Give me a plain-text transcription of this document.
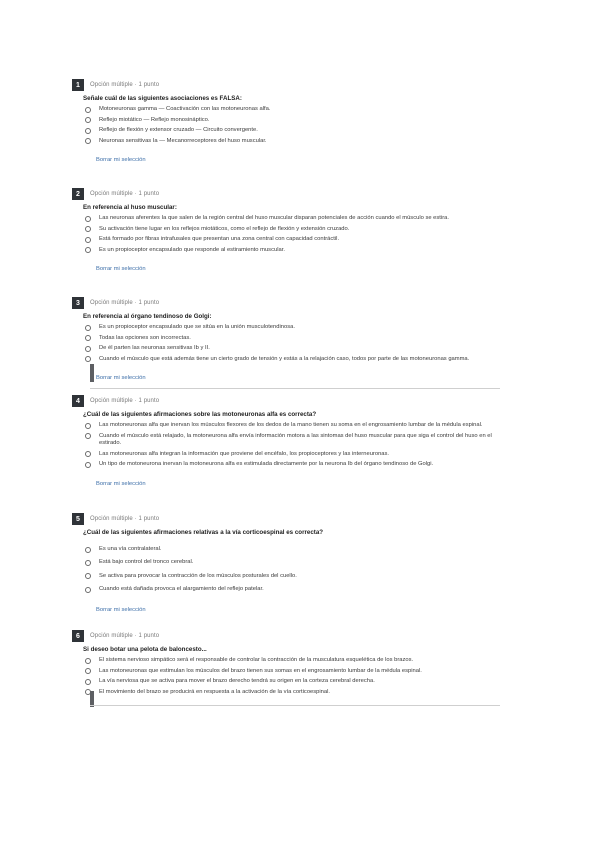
1	Opción múltiple · 1 punto
Señale cuál de las siguientes asociaciones es FALSA:
Motoneuronas gamma — Coactivación con las motoneuronas alfa.
Reflejo miotático — Reflejo monosináptico.
Reflejo de flexión y extensor cruzado — Circuito convergente.
Neuronas sensitivas Ia — Mecanorreceptores del huso muscular.
Borrar mi selección
2	Opción múltiple · 1 punto
En referencia al huso muscular:
Las neuronas aferentes Ia que salen de la región central del huso muscular disparan potenciales de acción cuando el músculo se estira.
Su activación tiene lugar en los reflejos miotáticos, como el reflejo de flexión y extensión cruzado.
Está formado por fibras intrafusales que presentan una zona central con capacidad contráctil.
Es un propioceptor encapsulado que responde al estiramiento muscular.
Borrar mi selección
3	Opción múltiple · 1 punto
En referencia al órgano tendinoso de Golgi:
Es un propioceptor encapsulado que se sitúa en la unión musculotendinosa.
Todas las opciones son incorrectas.
De él parten las neuronas sensitivas Ib y II.
Cuando el músculo que está además tiene un cierto grado de tensión y estás a la relajación caso, todos por parte de las motoneuronas gamma.
Borrar mi selección
4	Opción múltiple · 1 punto
¿Cuál de las siguientes afirmaciones sobre las motoneuronas alfa es correcta?
Las motoneuronas alfa que inervan los músculos flexores de los dedos de la mano tienen su soma en el engrosamiento lumbar de la médula espinal.
Cuando el músculo está relajado, la motoneurona alfa envía información motora a las sintomas del huso muscular para que siga el control del huso en el estirado.
Las motoneuronas alfa integran la información que proviene del encéfalo, los propioceptores y las interneuronas.
Un tipo de motoneurona inervan la motoneurona alfa es estimulada directamente por la neurona Ib del órgano tendinoso de Golgi.
Borrar mi selección
5	Opción múltiple · 1 punto
¿Cuál de las siguientes afirmaciones relativas a la vía corticoespinal es correcta?
Es una vía contralateral.
Está bajo control del tronco cerebral.
Se activa para provocar la contracción de los músculos posturales del cuello.
Cuando está dañada provoca el alargamiento del reflejo patelar.
Borrar mi selección
6	Opción múltiple · 1 punto
Si deseo botar una pelota de baloncesto...
El sistema nervioso simpático será el responsable de controlar la contracción de la musculatura esquelética de los brazos.
Las motoneuronas que estimulan los músculos del brazo tienen sus somas en el engrosamiento lumbar de la médula espinal.
La vía nerviosa que se activa para mover el brazo derecho tendrá su origen en la corteza cerebral derecha.
El movimiento del brazo se producirá en respuesta a la activación de la vía corticoespinal.
